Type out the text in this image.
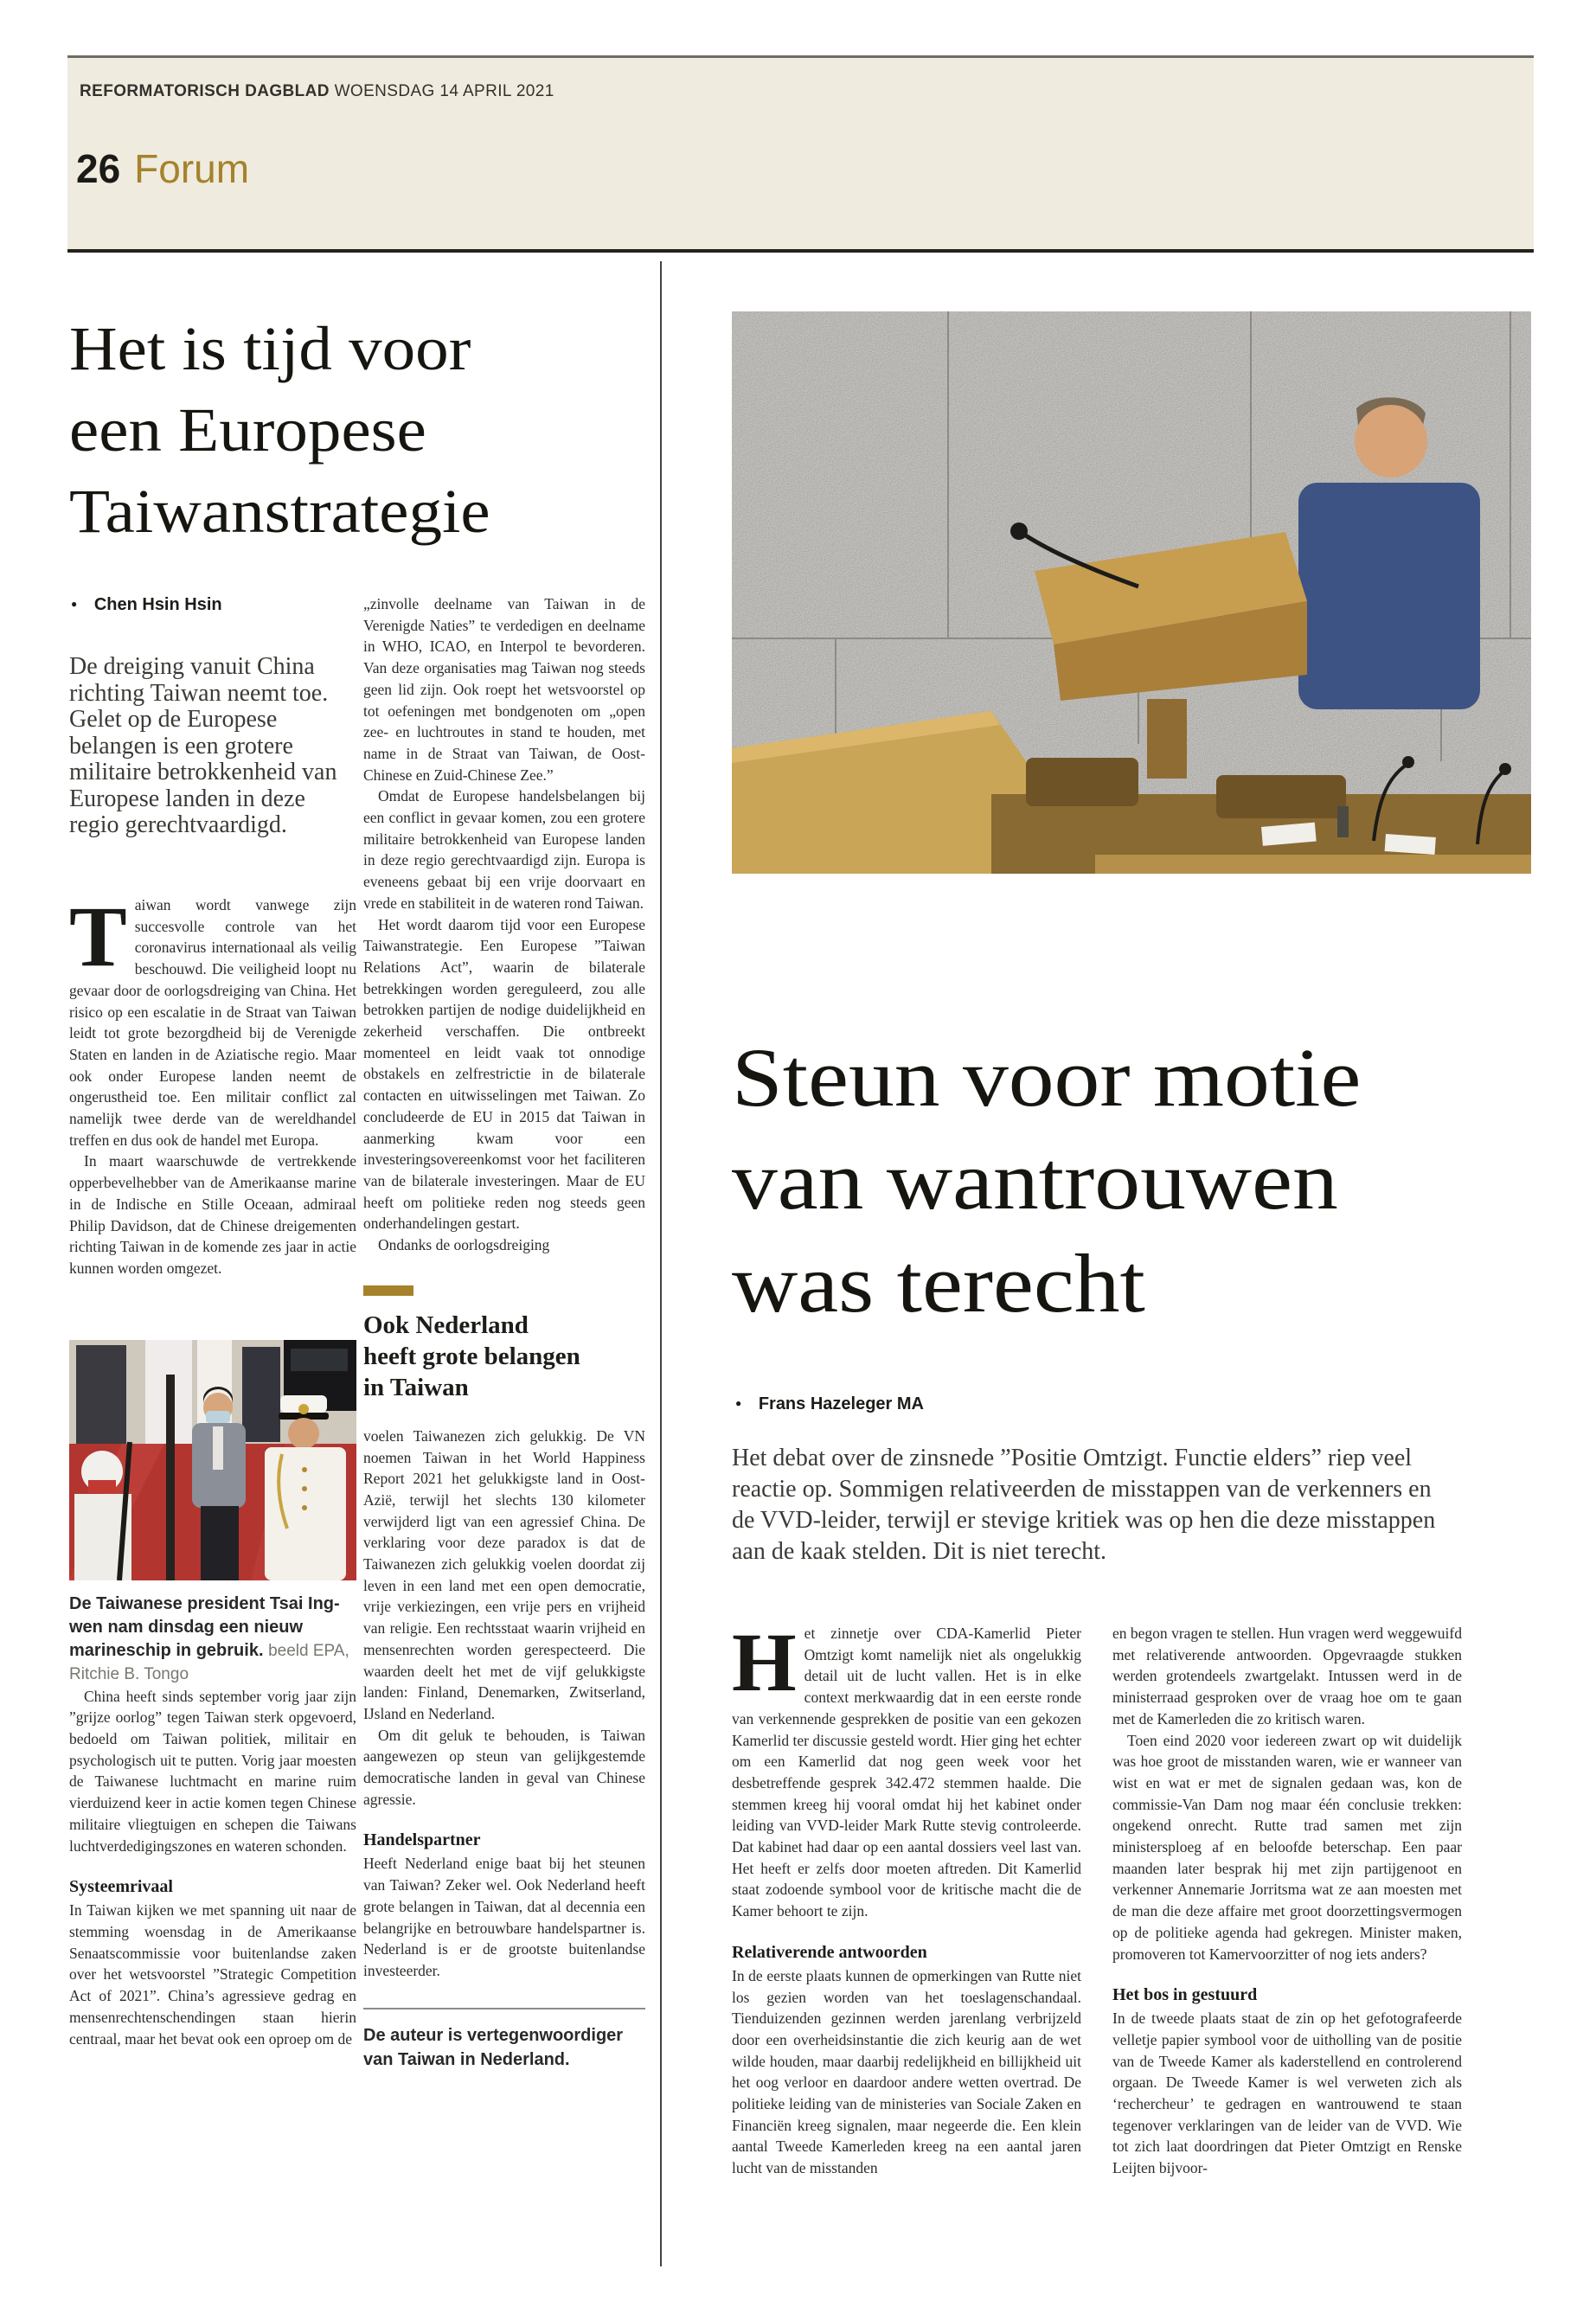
REFORMATORISCH DAGBLAD WOENSDAG 14 APRIL 2021
26 Forum
Het is tijd voor
een Europese
Taiwanstrategie
● Chen Hsin Hsin
De dreiging vanuit China richting Taiwan neemt toe. Gelet op de Europese belangen is een grotere militaire betrokkenheid van Europese landen in deze regio gerechtvaardigd.

Taiwan wordt vanwege zijn succesvolle controle van het coronavirus internationaal als veilig beschouwd. Die veiligheid loopt nu gevaar door de oorlogsdreiging van China. Het risico op een escalatie in de Straat van Taiwan leidt tot grote bezorgdheid bij de Verenigde Staten en landen in de Aziatische regio. Maar ook onder Europese landen neemt de ongerustheid toe. Een militair conflict zal namelijk twee derde van de wereldhandel treffen en dus ook de handel met Europa.

In maart waarschuwde de vertrekkende opperbevelhebber van de Amerikaanse marine in de Indische en Stille Oceaan, admiraal Philip Davidson, dat de Chinese dreigementen richting Taiwan in de komende zes jaar in actie kunnen worden omgezet.

De Taiwanese president Tsai Ing-wen nam dinsdag een nieuw marineschip in gebruik. beeld EPA, Ritchie B. Tongo

China heeft sinds september vorig jaar zijn ”grijze oorlog” tegen Taiwan sterk opgevoerd, bedoeld om Taiwan politiek, militair en psychologisch uit te putten. Vorig jaar moesten de Taiwanese luchtmacht en marine ruim vierduizend keer in actie komen tegen Chinese militaire vliegtuigen en schepen die Taiwans luchtverdedigingszones en wateren schonden.

Systeemrivaal

In Taiwan kijken we met spanning uit naar de stemming woensdag in de Amerikaanse Senaatscommissie voor buitenlandse zaken over het wetsvoorstel ”Strategic Competition Act of 2021”. China’s agressieve gedrag en mensenrechtenschendingen staan hierin centraal, maar het bevat ook een oproep om de

„zinvolle deelname van Taiwan in de Verenigde Naties” te verdedigen en deelname in WHO, ICAO, en Interpol te bevorderen. Van deze organisaties mag Taiwan nog steeds geen lid zijn. Ook roept het wetsvoorstel op tot oefeningen met bondgenoten om „open zee- en luchtroutes in stand te houden, met name in de Straat van Taiwan, de Oost-Chinese en Zuid-Chinese Zee.”

Omdat de Europese handelsbelangen bij een conflict in gevaar komen, zou een grotere militaire betrokkenheid van Europese landen in deze regio gerechtvaardigd zijn. Europa is eveneens gebaat bij een vrije doorvaart en vrede en stabiliteit in de wateren rond Taiwan.

Het wordt daarom tijd voor een Europese Taiwanstrategie. Een Europese ”Taiwan Relations Act”, waarin de bilaterale betrekkingen worden gereguleerd, zou alle betrokken partijen de nodige duidelijkheid en zekerheid verschaffen. Die ontbreekt momenteel en leidt vaak tot onnodige obstakels en zelfrestrictie in de bilaterale contacten en uitwisselingen met Taiwan. Zo concludeerde de EU in 2015 dat Taiwan in aanmerking kwam voor een investeringsovereenkomst voor het faciliteren van de bilaterale investeringen. Maar de EU heeft om politieke reden nog steeds geen onderhandelingen gestart.

Ondanks de oorlogsdreiging

Ook Nederland
heeft grote belangen
in Taiwan

voelen Taiwanezen zich gelukkig. De VN noemen Taiwan in het World Happiness Report 2021 het gelukkigste land in Oost-Azië, terwijl het slechts 130 kilometer verwijderd ligt van een agressief China. De verklaring voor deze paradox is dat de Taiwanezen zich gelukkig voelen doordat zij leven in een land met een open democratie, vrije verkiezingen, een vrije pers en vrijheid van religie. Een rechtsstaat waarin vrijheid en mensenrechten worden gerespecteerd. Die waarden deelt het met de vijf gelukkigste landen: Finland, Denemarken, Zwitserland, IJsland en Nederland.

Om dit geluk te behouden, is Taiwan aangewezen op steun van gelijkgestemde democratische landen in geval van Chinese agressie.

Handelspartner

Heeft Nederland enige baat bij het steunen van Taiwan? Zeker wel. Ook Nederland heeft grote belangen in Taiwan, dat al decennia een belangrijke en betrouwbare handelspartner is. Nederland is er de grootste buitenlandse investeerder.

De auteur is vertegenwoordiger van Taiwan in Nederland.
Steun voor motie
van wantrouwen
was terecht
● Frans Hazeleger MA
Het debat over de zinsnede ”Positie Omtzigt. Functie elders” riep veel reactie op. Sommigen relativeerden de misstappen van de verkenners en de VVD-leider, terwijl er stevige kritiek was op hen die deze misstappen aan de kaak stelden. Dit is niet terecht.

Het zinnetje over CDA-Kamerlid Pieter Omtzigt komt namelijk niet als ongelukkig detail uit de lucht vallen. Het is in elke context merkwaardig dat in een eerste ronde van verkennende gesprekken de positie van een gekozen Kamerlid ter discussie gesteld wordt. Hier ging het echter om een Kamerlid dat nog geen week voor het desbetreffende gesprek 342.472 stemmen haalde. Die stemmen kreeg hij vooral omdat hij het kabinet onder leiding van VVD-leider Mark Rutte stevig controleerde. Dat kabinet had daar op een aantal dossiers veel last van. Het heeft er zelfs door moeten aftreden. Dit Kamerlid staat zodoende symbool voor de kritische macht die de Kamer behoort te zijn.

Relativerende antwoorden

In de eerste plaats kunnen de opmerkingen van Rutte niet los gezien worden van het toeslagenschandaal. Tienduizenden gezinnen werden jarenlang verbrijzeld door een overheidsinstantie die zich keurig aan de wet wilde houden, maar daarbij redelijkheid en billijkheid uit het oog verloor en daardoor andere wetten overtrad. De politieke leiding van de ministeries van Sociale Zaken en Financiën kreeg signalen, maar negeerde die. Een klein aantal Tweede Kamerleden kreeg na een aantal jaren lucht van de misstanden

en begon vragen te stellen. Hun vragen werd weggewuifd met relativerende antwoorden. Opgevraagde stukken werden grotendeels zwartgelakt. Intussen werd in de ministerraad gesproken over de vraag hoe om te gaan met de Kamerleden die zo kritisch waren.

Toen eind 2020 voor iedereen zwart op wit duidelijk was hoe groot de misstanden waren, wie er wanneer van wist en wat er met de signalen gedaan was, kon de commissie-Van Dam nog maar één conclusie trekken: ongekend onrecht. Rutte trad samen met zijn ministersploeg af en beloofde beterschap. Een paar maanden later besprak hij met zijn partijgenoot en verkenner Annemarie Jorritsma wat ze aan moesten met de man die deze affaire met groot doorzettingsvermogen op de politieke agenda had gekregen. Minister maken, promoveren tot Kamervoorzitter of nog iets anders?

Het bos in gestuurd

In de tweede plaats staat de zin op het gefotografeerde velletje papier symbool voor de uitholling van de positie van de Tweede Kamer als kaderstellend en controlerend orgaan. De Tweede Kamer is wel verweten zich als ‘rechercheur’ te gedragen en wantrouwend te staan tegenover verklaringen van de leider van de VVD. Wie tot zich laat doordringen dat Pieter Omtzigt en Renske Leijten bijvoor-
